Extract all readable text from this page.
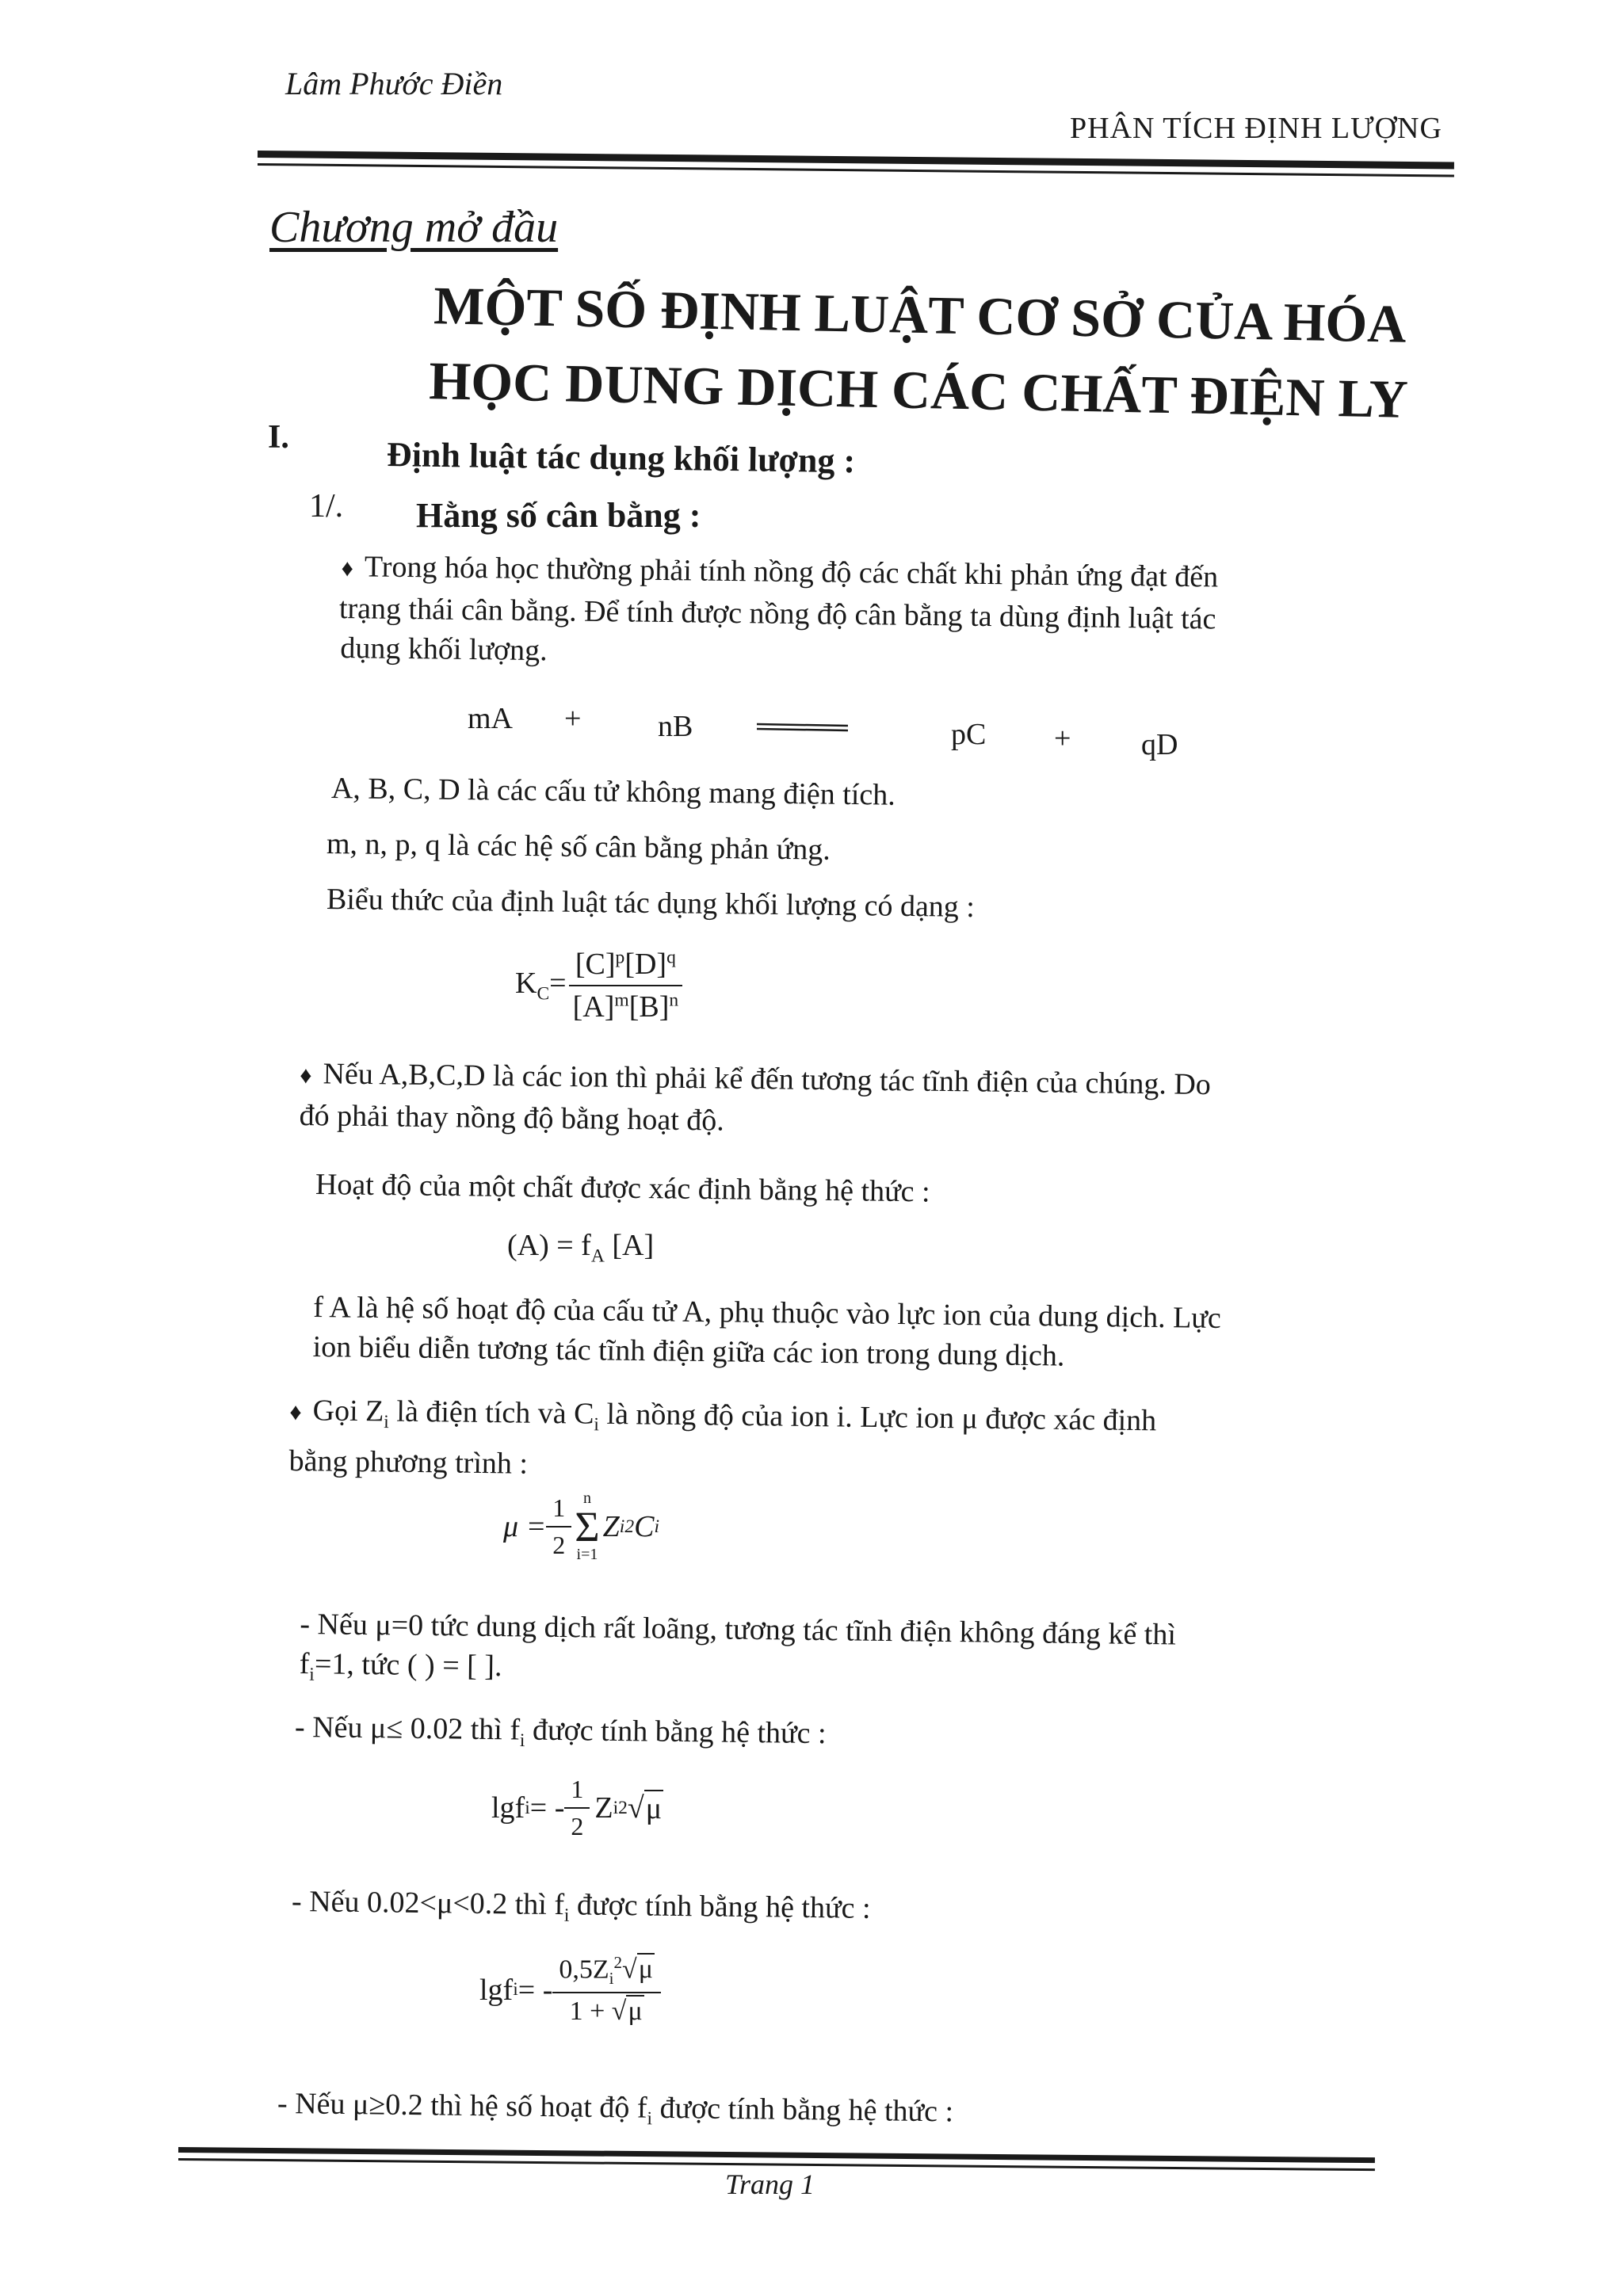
Lâm Phước Điền
PHÂN TÍCH ĐỊNH LƯỢNG
Chương mở đầu
MỘT SỐ ĐỊNH LUẬT CƠ SỞ CỦA HÓA
HỌC DUNG DỊCH CÁC CHẤT ĐIỆN LY
I.	Định luật tác dụng khối lượng :
1/. Hằng số cân bằng :
♦ Trong hóa học thường phải tính nồng độ các chất khi phản ứng đạt đến
trạng thái cân bằng. Để tính được nồng độ cân bằng ta dùng định luật tác
dụng khối lượng.
mA +	nB	pC + qD
A, B, C, D là các cấu tử không mang điện tích.
m, n, p, q là các hệ số cân bằng phản ứng.
Biểu thức của định luật tác dụng khối lượng có dạng :
$K_C= \frac{[C]^p[D]^q}{[A]^m[B]^n}$
♦ Nếu A,B,C,D là các ion thì phải kể đến tương tác tĩnh điện của chúng. Do
đó phải thay nồng độ bằng hoạt độ.
Hoạt độ của một chất được xác định bằng hệ thức :
$(A) = f_A$ [A]
f A là hệ số hoạt độ của cấu tử A, phụ thuộc vào lực ion của dung dịch. Lực
ion biểu diễn tương tác tĩnh điện giữa các ion trong dung dịch.
♦ Gọi $Z_i$ là điện tích và $C_i$ là nồng độ của ion i. Lực ion μ được xác định
bằng phương trình :
$\mu = \frac{1}{2}$ n
Σ
i=1
Z i 2 C i
- Nếu μ=0 tức dung dịch rất loãng, tương tác tĩnh điện không đáng kể thì
$f_i=1$, tức ( ) = [ ].
- Nếu μ≤ 0.02 thì $f_i$ được tính bằng hệ thức :
lgf i = - $\frac{1}{2}$ Z i 2 √ μ
- Nếu 0.02<μ<0.2 thì $f_i$ được tính bằng hệ thức :
lgf i = - $\frac{0,5Z_i^2√\mu}{1 + √\mu}$
- Nếu μ≥0.2 thì hệ số hoạt độ $f_i$ được tính bằng hệ thức :
Trang 1
